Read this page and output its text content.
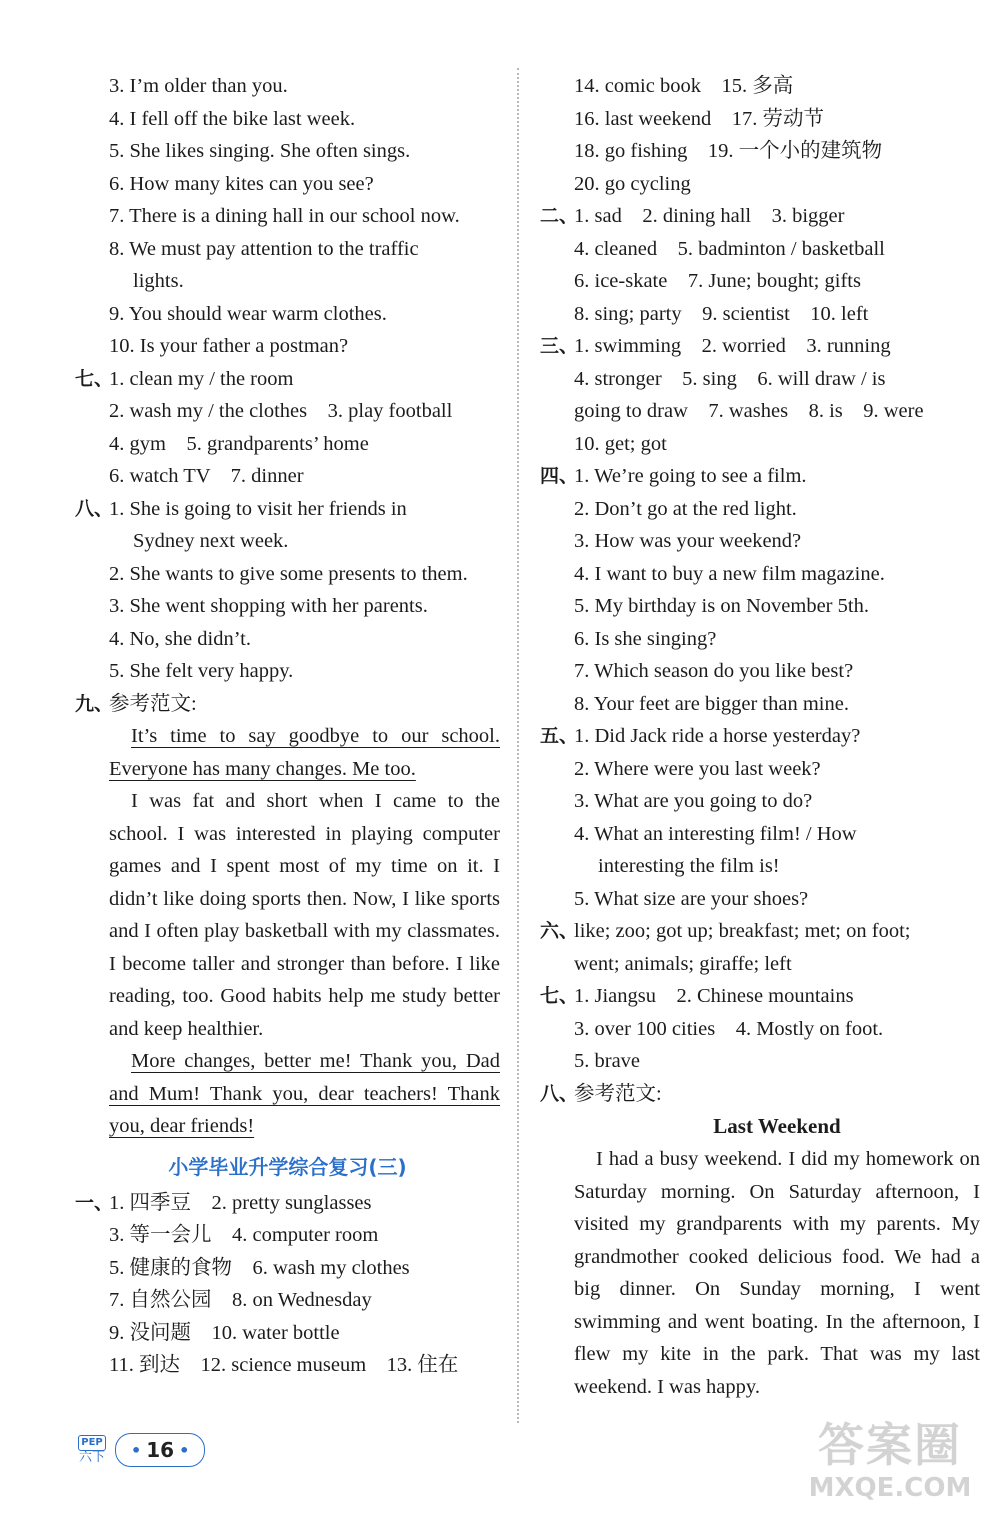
3. I’m older than you.
4. I fell off the bike last week.
5. She likes singing. She often sings.
6. How many kites can you see?
7. There is a dining hall in our school now.
8. We must pay attention to the traffic
lights.
9. You should wear warm clothes.
10. Is your father a postman?
七、1. clean my / the room
2. wash my / the clothes    3. play football
4. gym    5. grandparents’ home
6. watch TV    7. dinner
八、1. She is going to visit her friends in
Sydney next week.
2. She wants to give some presents to them.
3. She went shopping with her parents.
4. No, she didn’t.
5. She felt very happy.
九、参考范文:
It’s time to say goodbye to our school. Everyone has many changes. Me too.
I was fat and short when I came to the school. I was interested in playing computer games and I spent most of my time on it. I didn’t like doing sports then. Now, I like sports and I often play basketball with my classmates. I become taller and stronger than before. I like reading, too. Good habits help me study better and keep healthier.
More changes, better me! Thank you, Dad and Mum! Thank you, dear teachers! Thank you, dear friends!
小学毕业升学综合复习(三)
一、1. 四季豆    2. pretty sunglasses
3. 等一会儿    4. computer room
5. 健康的食物    6. wash my clothes
7. 自然公园    8. on Wednesday
9. 没问题    10. water bottle
11. 到达    12. science museum    13. 住在
14. comic book    15. 多高
16. last weekend    17. 劳动节
18. go fishing    19. 一个小的建筑物
20. go cycling
二、1. sad    2. dining hall    3. bigger
4. cleaned    5. badminton / basketball
6. ice-skate    7. June; bought; gifts
8. sing; party    9. scientist    10. left
三、1. swimming    2. worried    3. running
4. stronger    5. sing    6. will draw / is
going to draw    7. washes    8. is    9. were
10. get; got
四、1. We’re going to see a film.
2. Don’t go at the red light.
3. How was your weekend?
4. I want to buy a new film magazine.
5. My birthday is on November 5th.
6. Is she singing?
7. Which season do you like best?
8. Your feet are bigger than mine.
五、1. Did Jack ride a horse yesterday?
2. Where were you last week?
3. What are you going to do?
4. What an interesting film! / How
interesting the film is!
5. What size are your shoes?
六、like; zoo; got up; breakfast; met; on foot;
went; animals; giraffe; left
七、1. Jiangsu    2. Chinese mountains
3. over 100 cities    4. Mostly on foot.
5. brave
八、参考范文:
Last Weekend
I had a busy weekend. I did my homework on Saturday morning. On Saturday afternoon, I visited my grandparents with my parents. My grandmother cooked delicious food. We had a big dinner. On Sunday morning, I went swimming and went boating. In the afternoon, I flew my kite in the park. That was my last weekend. I was happy.
PEP
六下 • 16 •	答案圈
MXQE.COM
